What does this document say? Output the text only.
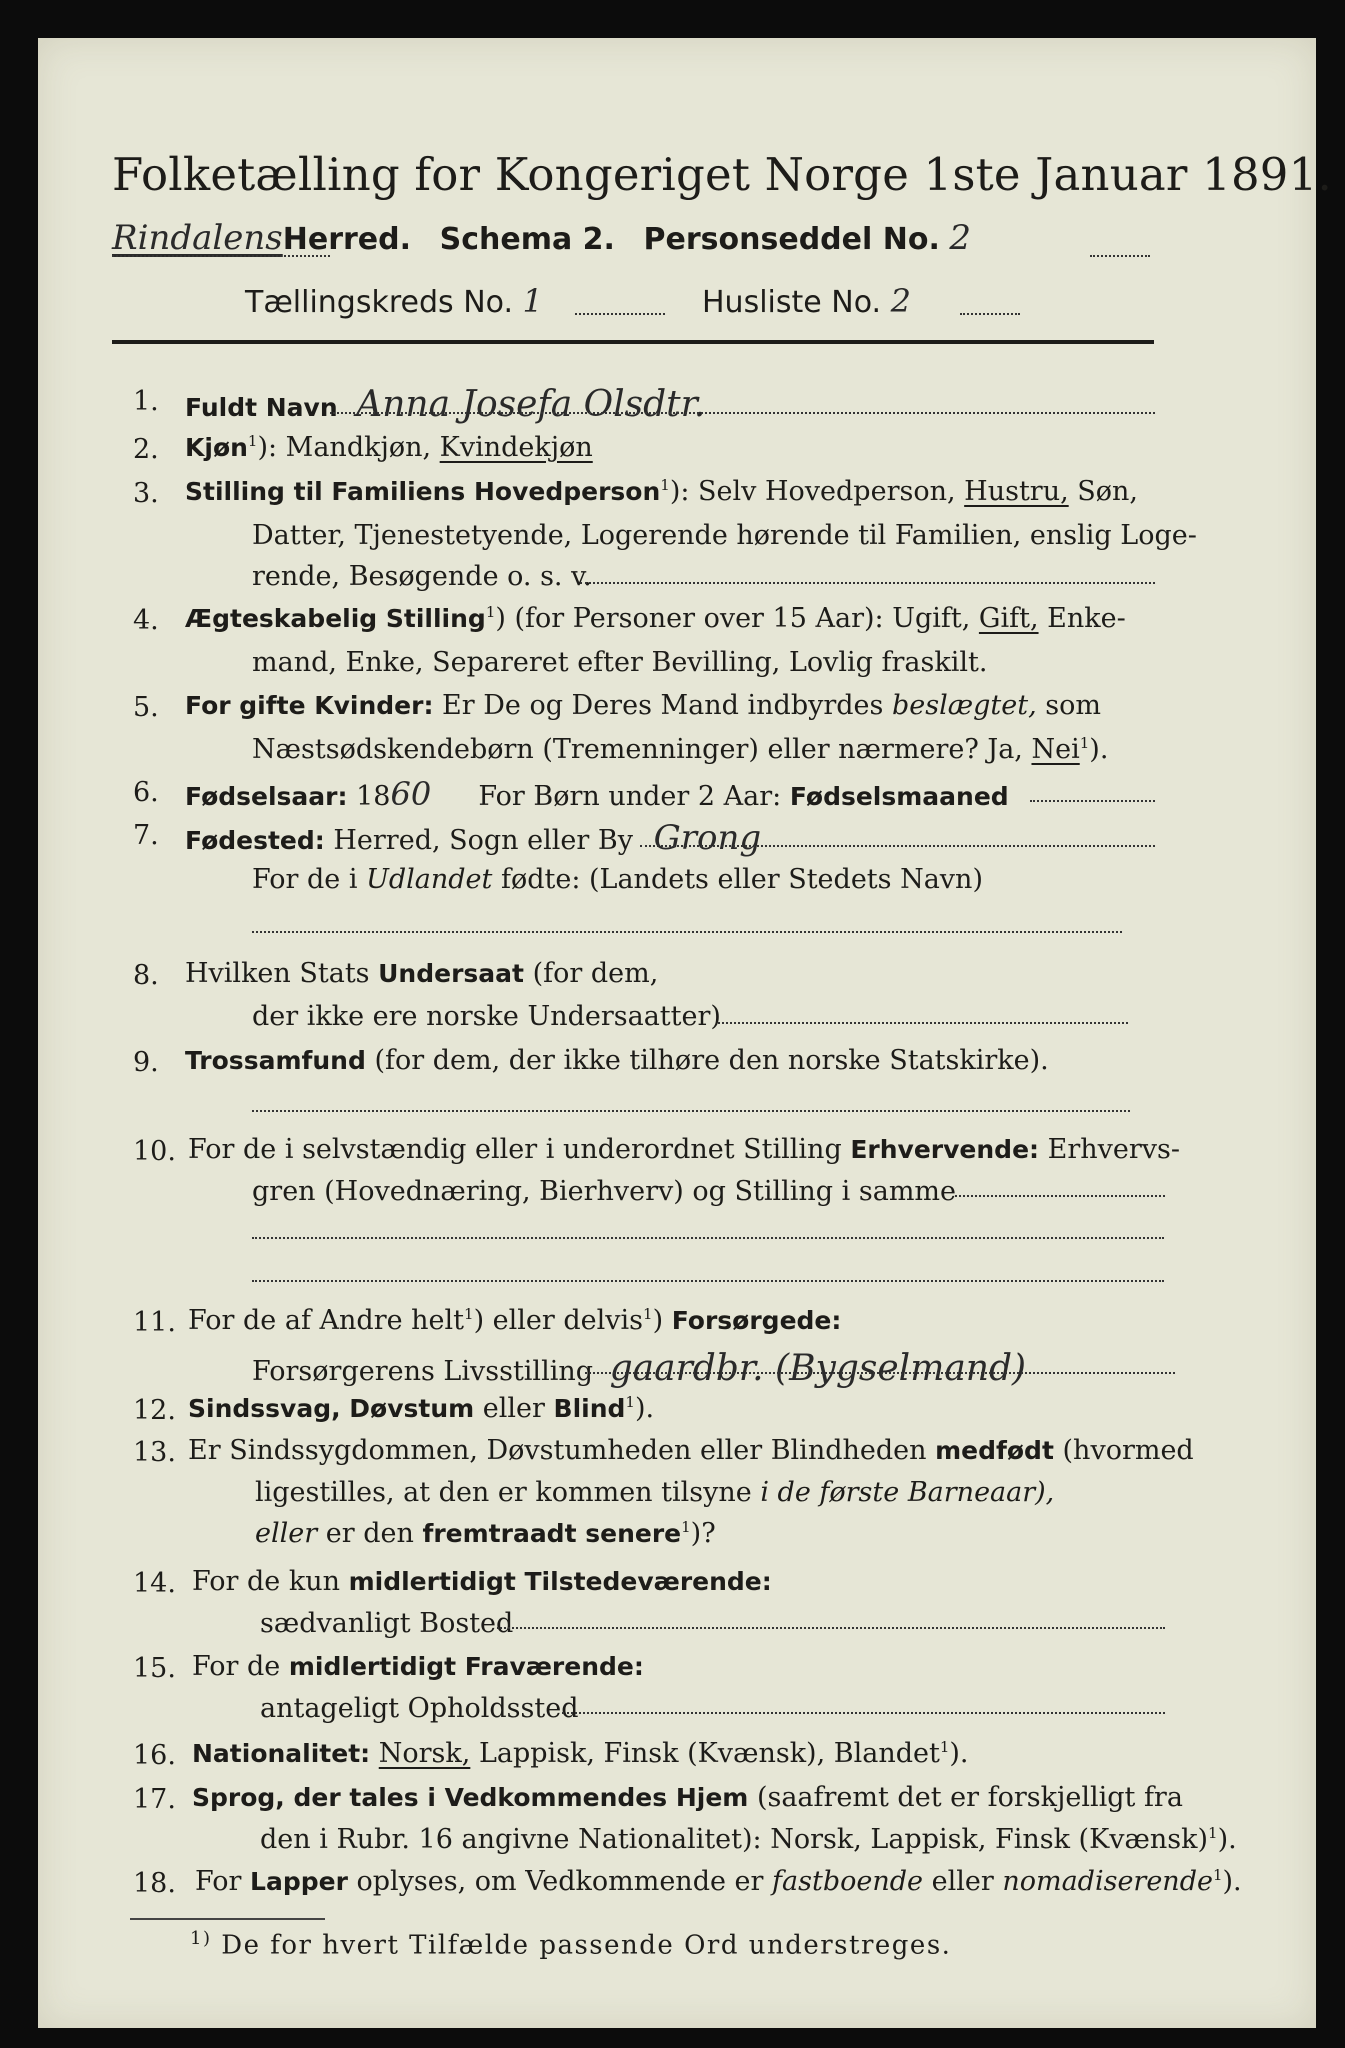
Folketælling for Kongeriget Norge 1ste Januar 1891.
RindalensHerred. Schema 2. Personseddel No. 2
Tællingskreds No. 1	Husliste No. 2
1. Fuldt Navn Anna Josefa Olsdtr.
2. Kjøn$^1$): Mandkjøn, Kvindekjøn
3. Stilling til Familiens Hovedperson$^1$): Selv Hovedperson, Hustru, Søn,
Datter, Tjenestetyende, Logerende hørende til Familien, enslig Loge-
rende, Besøgende o. s. v.
4. Ægteskabelig Stilling$^1$) (for Personer over 15 Aar): Ugift, Gift, Enke-
mand, Enke, Separeret efter Bevilling, Lovlig fraskilt.
5. For gifte Kvinder: Er De og Deres Mand indbyrdes beslægtet, som
Næstsødskendebørn (Tremenninger) eller nærmere? Ja, Nei$^1$).
6. Fødselsaar: 1860 For Børn under 2 Aar: Fødselsmaaned
7. Fødested: Herred, Sogn eller By Grong
For de i Udlandet fødte: (Landets eller Stedets Navn)
8. Hvilken Stats Undersaat (for dem,
der ikke ere norske Undersaatter)
9. Trossamfund (for dem, der ikke tilhøre den norske Statskirke).
10. For de i selvstændig eller i underordnet Stilling Erhvervende: Erhvervs-
gren (Hovednæring, Bierhverv) og Stilling i samme
11. For de af Andre helt$^1$) eller delvis$^1$) Forsørgede:
Forsørgerens Livsstilling gaardbr. (Bygselmand)
12. Sindssvag, Døvstum eller Blind$^1$).
13. Er Sindssygdommen, Døvstumheden eller Blindheden medfødt (hvormed
ligestilles, at den er kommen tilsyne i de første Barneaar),
eller er den fremtraadt senere$^1$)?
14. For de kun midlertidigt Tilstedeværende:
sædvanligt Bosted
15. For de midlertidigt Fraværende:
antageligt Opholdssted
16. Nationalitet: Norsk, Lappisk, Finsk (Kvænsk), Blandet$^1$).
17. Sprog, der tales i Vedkommendes Hjem (saafremt det er forskjelligt fra
den i Rubr. 16 angivne Nationalitet): Norsk, Lappisk, Finsk (Kvænsk)$^1$).
18. For Lapper oplyses, om Vedkommende er fastboende eller nomadiserende$^1$).
$^{1)}$ De for hvert Tilfælde passende Ord understreges.
